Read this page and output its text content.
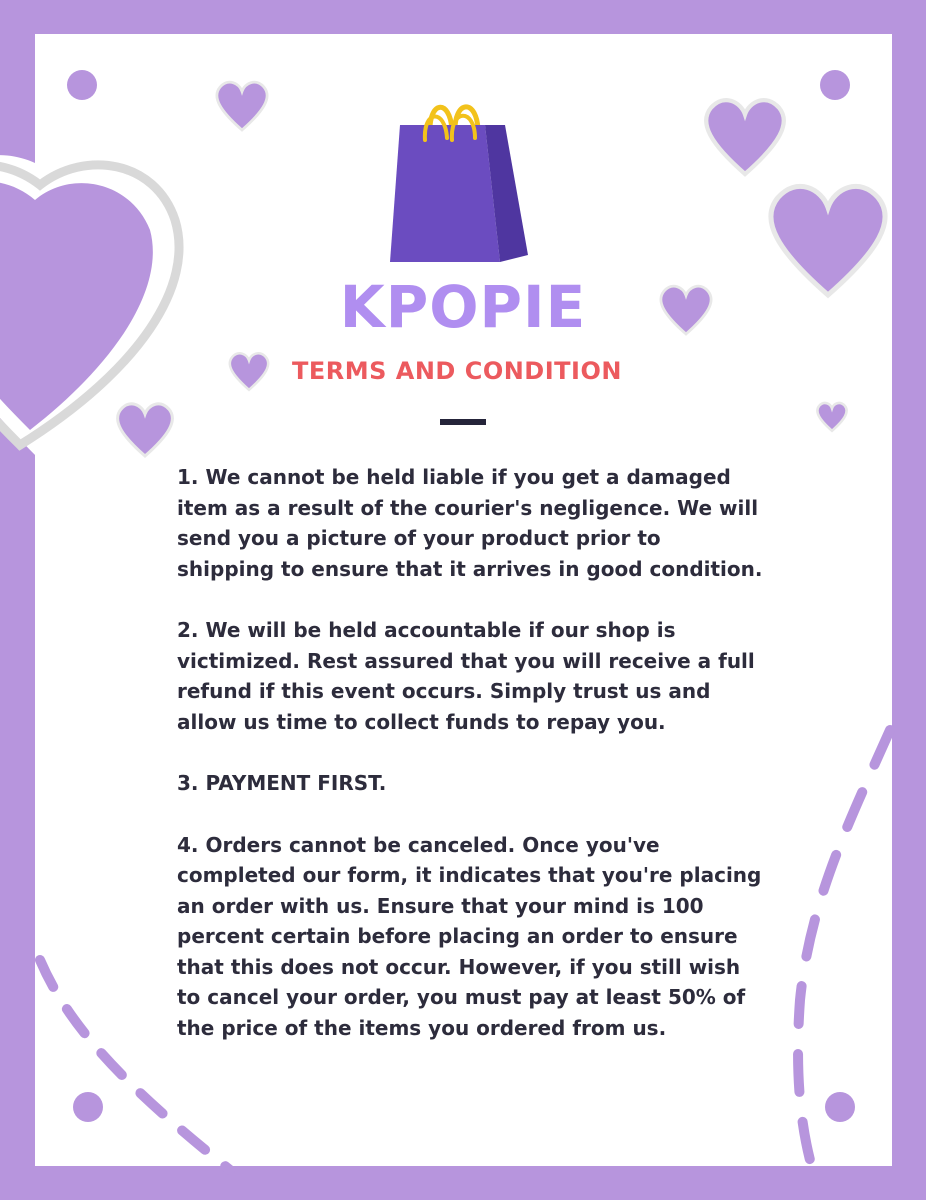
KPOPIE
TERMS AND CONDITION

1. We cannot be held liable if you get a damaged
item as a result of the courier's negligence. We will
send you a picture of your product prior to
shipping to ensure that it arrives in good condition.

2. We will be held accountable if our shop is
victimized. Rest assured that you will receive a full
refund if this event occurs. Simply trust us and
allow us time to collect funds to repay you.

3. PAYMENT FIRST.

4. Orders cannot be canceled. Once you've
completed our form, it indicates that you're placing
an order with us. Ensure that your mind is 100
percent certain before placing an order to ensure
that this does not occur. However, if you still wish
to cancel your order, you must pay at least 50% of
the price of the items you ordered from us.
